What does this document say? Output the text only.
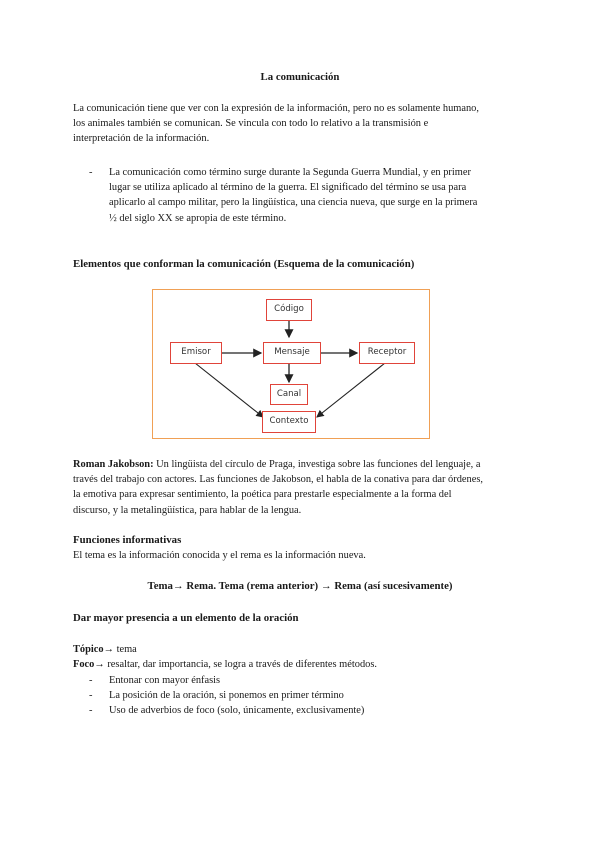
La comunicación

La comunicación tiene que ver con la expresión de la información, pero no es solamente humano,
los animales también se comunican. Se vincula con todo lo relativo a la transmisión e
interpretación de la información.

- La comunicación como término surge durante la Segunda Guerra Mundial, y en primer
lugar se utiliza aplicado al término de la guerra. El significado del término se usa para
aplicarlo al campo militar, pero la lingüística, una ciencia nueva, que surge en la primera
½ del siglo XX se apropia de este término.
Elementos que conforman la comunicación (Esquema de la comunicación)
Código
Emisor	Mensaje	Receptor
Canal
Contexto

Roman Jakobson: Un lingüista del círculo de Praga, investiga sobre las funciones del lenguaje, a
través del trabajo con actores. Las funciones de Jakobson, el habla de la conativa para dar órdenes,
la emotiva para expresar sentimiento, la poética para prestarle especialmente a la forma del
discurso, y la metalingüística, para hablar de la lengua.

Funciones informativas
El tema es la información conocida y el rema es la información nueva.
Tema→ Rema. Tema (rema anterior) → Rema (así sucesivamente)
Dar mayor presencia a un elemento de la oración
Tópico→ tema
Foco→ resaltar, dar importancia, se logra a través de diferentes métodos.
- Entonar con mayor énfasis
- La posición de la oración, si ponemos en primer término
- Uso de adverbios de foco (solo, únicamente, exclusivamente)
